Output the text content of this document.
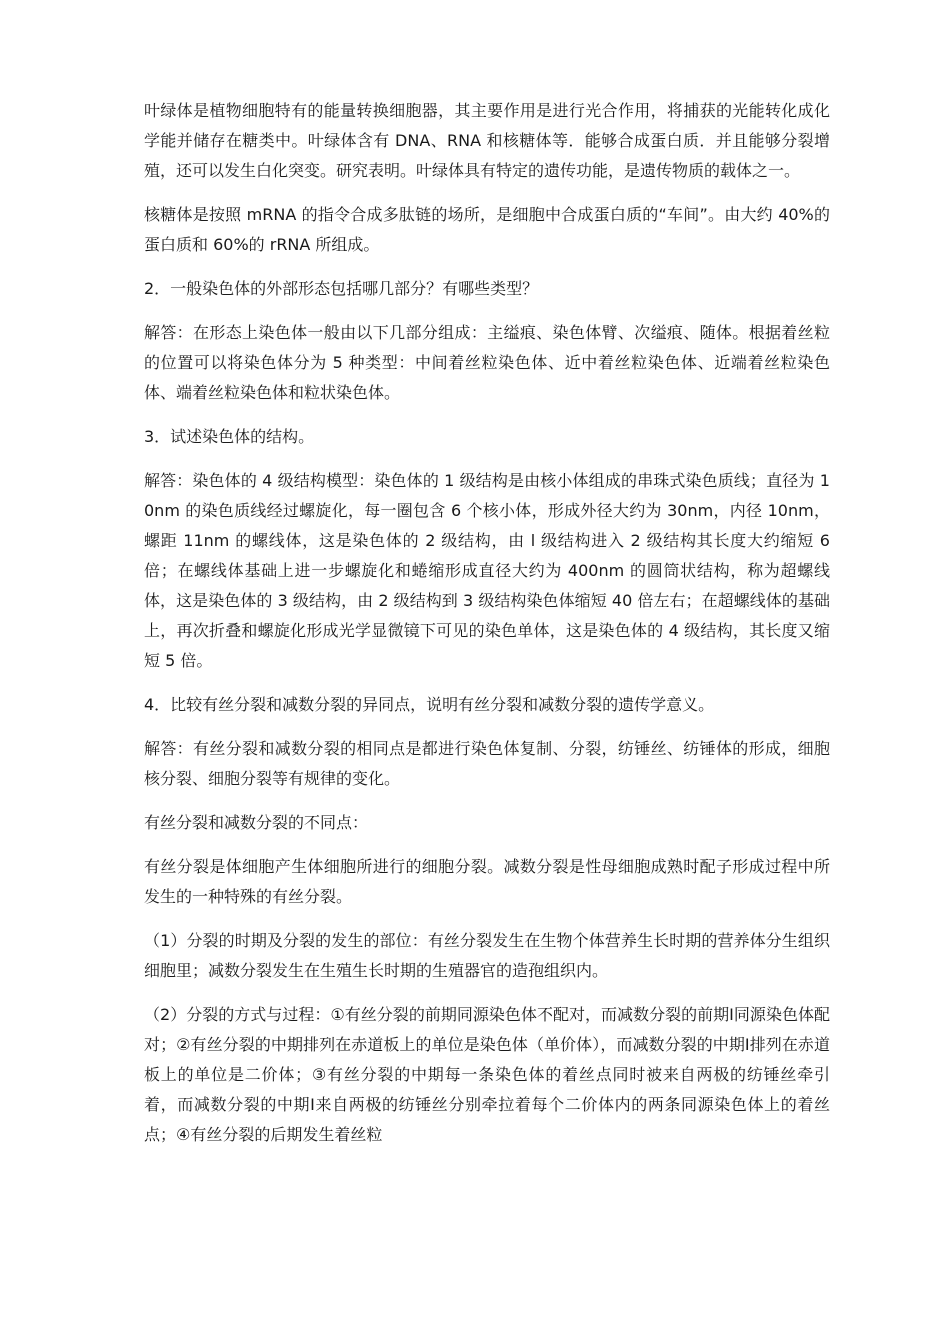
叶绿体是植物细胞特有的能量转换细胞器，其主要作用是进行光合作用，将捕获的光能转化成化学能并储存在糖类中。叶绿体含有 DNA、RNA 和核糖体等．能够合成蛋白质．并且能够分裂增殖，还可以发生白化突变。研究表明。叶绿体具有特定的遗传功能，是遗传物质的载体之一。

核糖体是按照 mRNA 的指令合成多肽链的场所，是细胞中合成蛋白质的“车间”。由大约 40%的蛋白质和 60%的 rRNA 所组成。

2．一般染色体的外部形态包括哪几部分？有哪些类型？

解答：在形态上染色体一般由以下几部分组成：主缢痕、染色体臂、次缢痕、随体。根据着丝粒的位置可以将染色体分为 5 种类型：中间着丝粒染色体、近中着丝粒染色体、近端着丝粒染色体、端着丝粒染色体和粒状染色体。

3．试述染色体的结构。

解答：染色体的 4 级结构模型：染色体的 1 级结构是由核小体组成的串珠式染色质线；直径为 10nm 的染色质线经过螺旋化，每一圈包含 6 个核小体，形成外径大约为 30nm，内径 10nm，螺距 11nm 的螺线体，这是染色体的 2 级结构，由 l 级结构进入 2 级结构其长度大约缩短 6 倍；在螺线体基础上进一步螺旋化和蜷缩形成直径大约为 400nm 的圆筒状结构，称为超螺线体，这是染色体的 3 级结构，由 2 级结构到 3 级结构染色体缩短 40 倍左右；在超螺线体的基础上，再次折叠和螺旋化形成光学显微镜下可见的染色单体，这是染色体的 4 级结构，其长度又缩短 5 倍。

4．比较有丝分裂和减数分裂的异同点，说明有丝分裂和减数分裂的遗传学意义。

解答：有丝分裂和减数分裂的相同点是都进行染色体复制、分裂，纺锤丝、纺锤体的形成，细胞核分裂、细胞分裂等有规律的变化。

有丝分裂和减数分裂的不同点：

有丝分裂是体细胞产生体细胞所进行的细胞分裂。减数分裂是性母细胞成熟时配子形成过程中所发生的一种特殊的有丝分裂。

（1）分裂的时期及分裂的发生的部位：有丝分裂发生在生物个体营养生长时期的营养体分生组织细胞里；减数分裂发生在生殖生长时期的生殖器官的造孢组织内。

（2）分裂的方式与过程：①有丝分裂的前期同源染色体不配对，而减数分裂的前期Ⅰ同源染色体配对；②有丝分裂的中期排列在赤道板上的单位是染色体（单价体），而减数分裂的中期Ⅰ排列在赤道板上的单位是二价体；③有丝分裂的中期每一条染色体的着丝点同时被来自两极的纺锤丝牵引着，而减数分裂的中期Ⅰ来自两极的纺锤丝分别牵拉着每个二价体内的两条同源染色体上的着丝点；④有丝分裂的后期发生着丝粒
